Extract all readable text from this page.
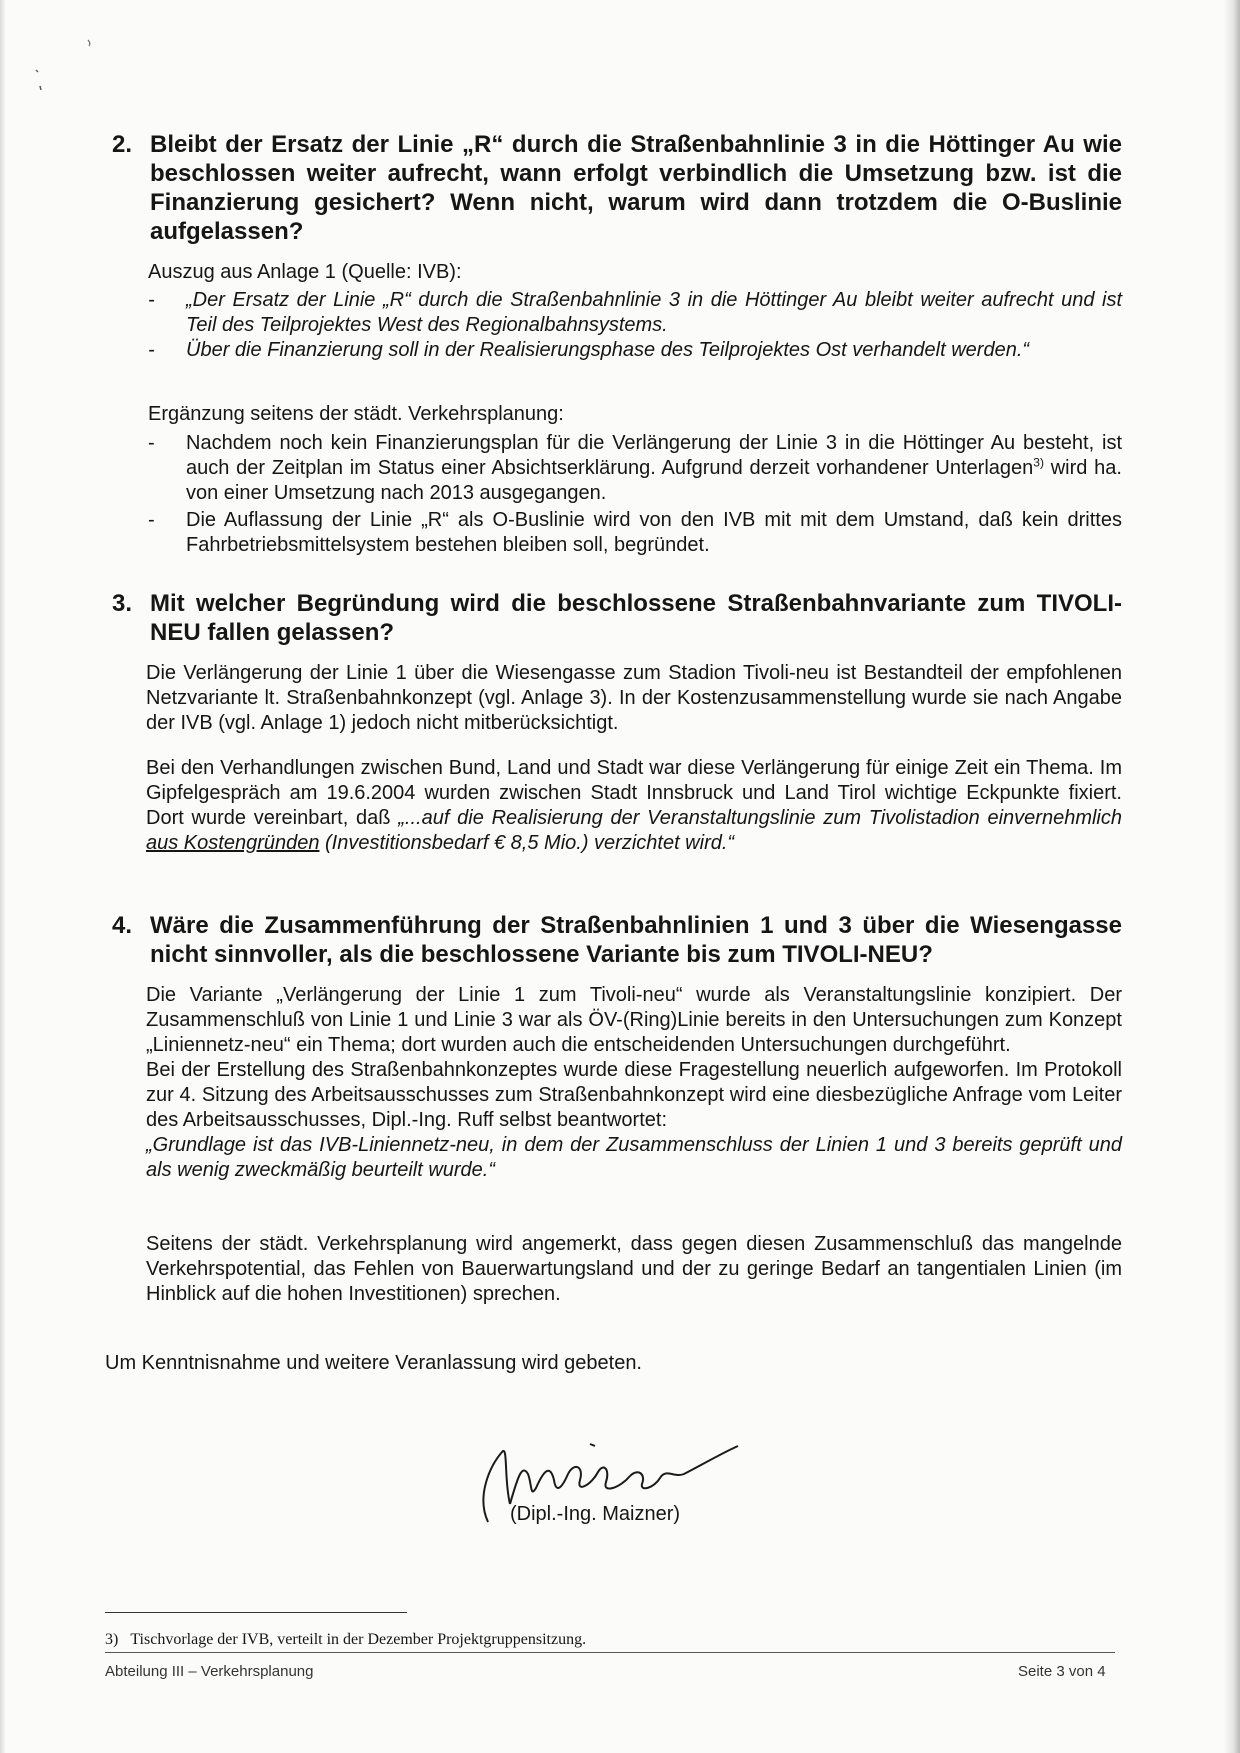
2. Bleibt der Ersatz der Linie „R“ durch die Straßenbahnlinie 3 in die Höttinger Au wie beschlossen weiter aufrecht, wann erfolgt verbindlich die Umsetzung bzw. ist die Finanzierung gesichert? Wenn nicht, warum wird dann trotzdem die O-Buslinie aufgelassen?
Auszug aus Anlage 1 (Quelle: IVB):
- „Der Ersatz der Linie „R“ durch die Straßenbahnlinie 3 in die Höttinger Au bleibt weiter aufrecht und ist Teil des Teilprojektes West des Regionalbahnsystems.
- Über die Finanzierung soll in der Realisierungsphase des Teilprojektes Ost verhandelt werden.“
Ergänzung seitens der städt. Verkehrsplanung:
- Nachdem noch kein Finanzierungsplan für die Verlängerung der Linie 3 in die Höttinger Au besteht, ist auch der Zeitplan im Status einer Absichtserklärung. Aufgrund derzeit vorhandener Unterlagen$^{3)}$ wird ha. von einer Umsetzung nach 2013 ausgegangen.
- Die Auflassung der Linie „R“ als O-Buslinie wird von den IVB mit mit dem Umstand, daß kein drittes Fahrbetriebsmittelsystem bestehen bleiben soll, begründet.
3. Mit welcher Begründung wird die beschlossene Straßenbahnvariante zum TIVOLI-NEU fallen gelassen?
Die Verlängerung der Linie 1 über die Wiesengasse zum Stadion Tivoli-neu ist Bestandteil der empfohlenen Netzvariante lt. Straßenbahnkonzept (vgl. Anlage 3). In der Kostenzusammenstellung wurde sie nach Angabe der IVB (vgl. Anlage 1) jedoch nicht mitberücksichtigt.
Bei den Verhandlungen zwischen Bund, Land und Stadt war diese Verlängerung für einige Zeit ein Thema. Im Gipfelgespräch am 19.6.2004 wurden zwischen Stadt Innsbruck und Land Tirol wichtige Eckpunkte fixiert. Dort wurde vereinbart, daß „...auf die Realisierung der Veranstaltungslinie zum Tivolistadion einvernehmlich aus Kostengründen (Investitionsbedarf € 8,5 Mio.) verzichtet wird.“
4. Wäre die Zusammenführung der Straßenbahnlinien 1 und 3 über die Wiesengasse nicht sinnvoller, als die beschlossene Variante bis zum TIVOLI-NEU?
Die Variante „Verlängerung der Linie 1 zum Tivoli-neu“ wurde als Veranstaltungslinie konzipiert. Der Zusammenschluß von Linie 1 und Linie 3 war als ÖV-(Ring)Linie bereits in den Untersuchungen zum Konzept „Liniennetz-neu“ ein Thema; dort wurden auch die entscheidenden Untersuchungen durchgeführt.
Bei der Erstellung des Straßenbahnkonzeptes wurde diese Fragestellung neuerlich aufgeworfen. Im Protokoll zur 4. Sitzung des Arbeitsausschusses zum Straßenbahnkonzept wird eine diesbezügliche Anfrage vom Leiter des Arbeitsausschusses, Dipl.-Ing. Ruff selbst beantwortet:
„Grundlage ist das IVB-Liniennetz-neu, in dem der Zusammenschluss der Linien 1 und 3 bereits geprüft und als wenig zweckmäßig beurteilt wurde.“
Seitens der städt. Verkehrsplanung wird angemerkt, dass gegen diesen Zusammenschluß das mangelnde Verkehrspotential, das Fehlen von Bauerwartungsland und der zu geringe Bedarf an tangentialen Linien (im Hinblick auf die hohen Investitionen) sprechen.
Um Kenntnisnahme und weitere Veranlassung wird gebeten.
(Dipl.-Ing. Maizner)
3) Tischvorlage der IVB, verteilt in der Dezember Projektgruppensitzung.
Abteilung III – Verkehrsplanung	Seite 3 von 4
